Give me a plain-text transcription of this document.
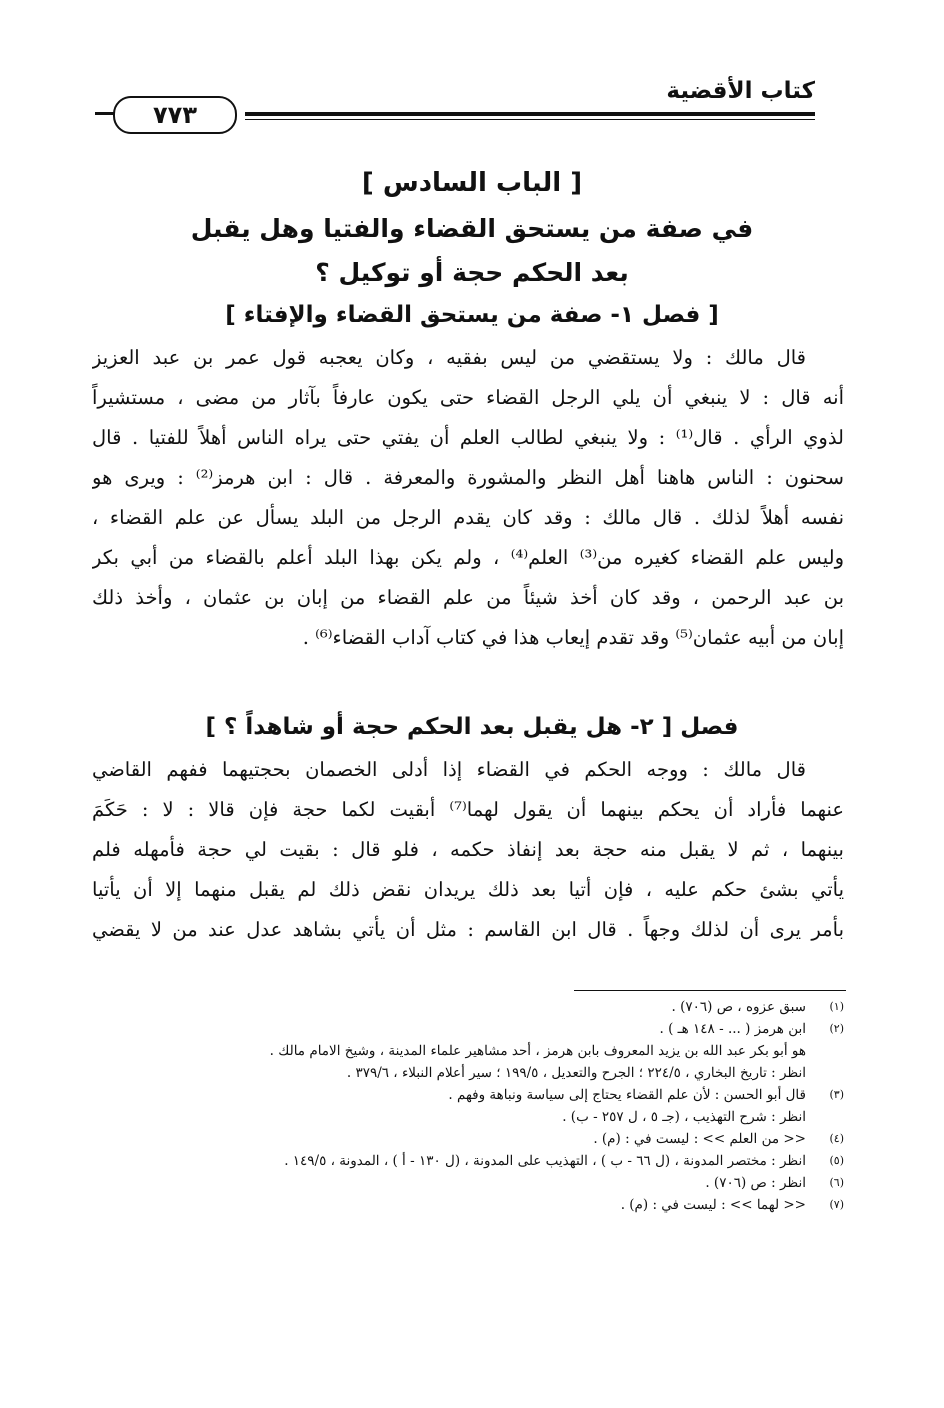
٧٧٣
كتاب الأقضية
[ الباب السادس ]
في صفة من يستحق القضاء والفتيا وهل يقبل
بعد الحكم حجة أو توكيل ؟
[ فصل ١- صفة من يستحق القضاء والإفتاء ]
قال مالك : ولا يستقضي من ليس بفقيه ، وكان يعجبه قول عمر بن عبد العزيز
أنه قال : لا ينبغي أن يلي الرجل القضاء حتى يكون عارفاً بآثار من مضى ، مستشيراً
لذوي الرأي . قال⁽¹⁾ : ولا ينبغي لطالب العلم أن يفتي حتى يراه الناس أهلاً للفتيا . قال
سحنون : الناس هاهنا أهل النظر والمشورة والمعرفة . قال : ابن هرمز⁽²⁾ : ويرى هو
نفسه أهلاً لذلك . قال مالك : وقد كان يقدم الرجل من البلد يسأل عن علم القضاء ،
وليس علم القضاء كغيره من⁽³⁾ العلم⁽⁴⁾ ، ولم يكن بهذا البلد أعلم بالقضاء من أبي بكر
بن عبد الرحمن ، وقد كان أخذ شيئاً من علم القضاء من إبان بن عثمان ، وأخذ ذلك
إبان من أبيه عثمان⁽⁵⁾ وقد تقدم إيعاب هذا في كتاب آداب القضاء⁽⁶⁾ .
فصل [ ٢- هل يقبل بعد الحكم حجة أو شاهداً ؟ ]
قال مالك : ووجه الحكم في القضاء إذا أدلى الخصمان بحجتيهما ففهم القاضي
عنهما فأراد أن يحكم بينهما أن يقول لهما⁽⁷⁾ أبقيت لكما حجة فإن قالا : لا : حَكَمَ
بينهما ، ثم لا يقبل منه حجة بعد إنفاذ حكمه ، فلو قال : بقيت لي حجة فأمهله فلم
يأتي بشئ حكم عليه ، فإن أتيا بعد ذلك يريدان نقض ذلك لم يقبل منهما إلا أن يأتيا
بأمر يرى أن لذلك وجهاً . قال ابن القاسم : مثل أن يأتي بشاهد عدل عند من لا يقضي
(١)
سبق عزوه ، ص (٧٠٦) .
(٢)
ابن هرمز ( ... - ١٤٨ هـ ) .
هو أبو بكر عبد الله بن يزيد المعروف بابن هرمز ، أحد مشاهير علماء المدينة ، وشيخ الامام مالك .
انظر : تاريخ البخاري ، ٢٢٤/٥ ؛ الجرح والتعديل ، ١٩٩/٥ ؛ سير أعلام النبلاء ، ٣٧٩/٦ .
(٣)
قال أبو الحسن : لأن علم القضاء يحتاج إلى سياسة ونباهة وفهم .
انظر : شرح التهذيب ، (جـ ٥ ، ل ٢٥٧ - ب) .
(٤)
<< من العلم >> : ليست في : (م) .
(٥)
انظر : مختصر المدونة ، (ل ٦٦ - ب ) ، التهذيب على المدونة ، (ل ١٣٠ - أ ) ، المدونة ، ١٤٩/٥ .
(٦)
انظر : ص (٧٠٦) .
(٧)
<< لهما >> : ليست في : (م) .
